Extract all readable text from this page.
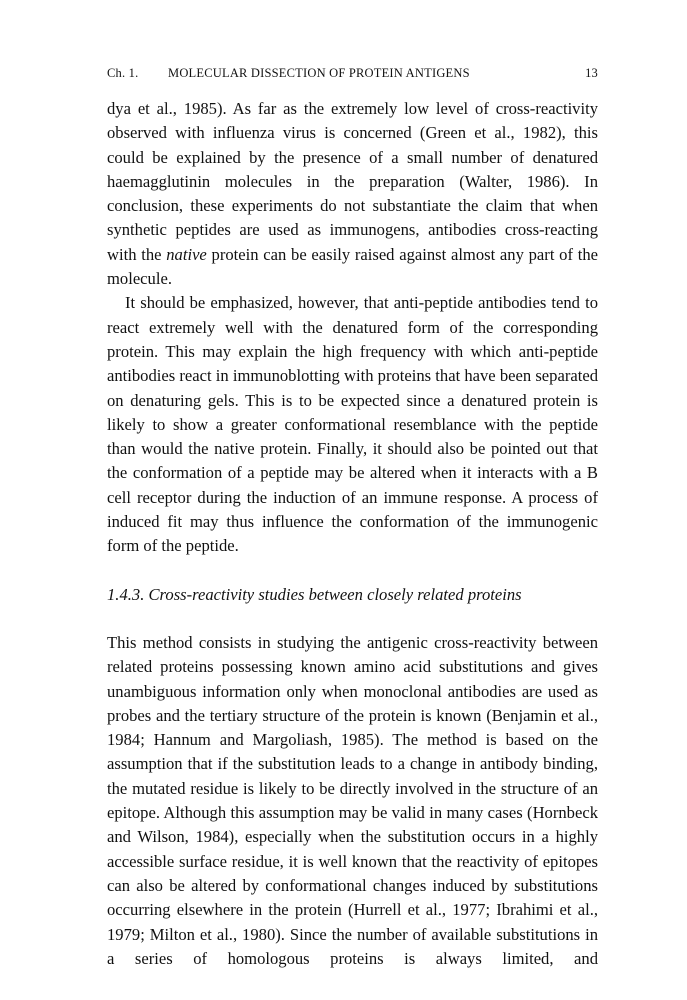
Ch. 1. MOLECULAR DISSECTION OF PROTEIN ANTIGENS	13

dya et al., 1985). As far as the extremely low level of cross-reactivity observed with influenza virus is concerned (Green et al., 1982), this could be explained by the presence of a small number of denatured haemagglutinin molecules in the preparation (Walter, 1986). In conclusion, these experiments do not substantiate the claim that when synthetic peptides are used as immunogens, antibodies cross-reacting with the native protein can be easily raised against almost any part of the molecule.

It should be emphasized, however, that anti-peptide antibodies tend to react extremely well with the denatured form of the corresponding protein. This may explain the high frequency with which anti-peptide antibodies react in immunoblotting with proteins that have been separated on denaturing gels. This is to be expected since a denatured protein is likely to show a greater conformational resemblance with the peptide than would the native protein. Finally, it should also be pointed out that the conformation of a peptide may be altered when it interacts with a B cell receptor during the induction of an immune response. A process of induced fit may thus influence the conformation of the immunogenic form of the peptide.

1.4.3. Cross-reactivity studies between closely related proteins

This method consists in studying the antigenic cross-reactivity between related proteins possessing known amino acid substitutions and gives unambiguous information only when monoclonal antibodies are used as probes and the tertiary structure of the protein is known (Benjamin et al., 1984; Hannum and Margoliash, 1985). The method is based on the assumption that if the substitution leads to a change in antibody binding, the mutated residue is likely to be directly involved in the structure of an epitope. Although this assumption may be valid in many cases (Hornbeck and Wilson, 1984), especially when the substitution occurs in a highly accessible surface residue, it is well known that the reactivity of epitopes can also be altered by conformational changes induced by substitutions occurring elsewhere in the protein (Hurrell et al., 1977; Ibrahimi et al., 1979; Milton et al., 1980). Since the number of available substitutions in a series of homologous proteins is always limited, and
